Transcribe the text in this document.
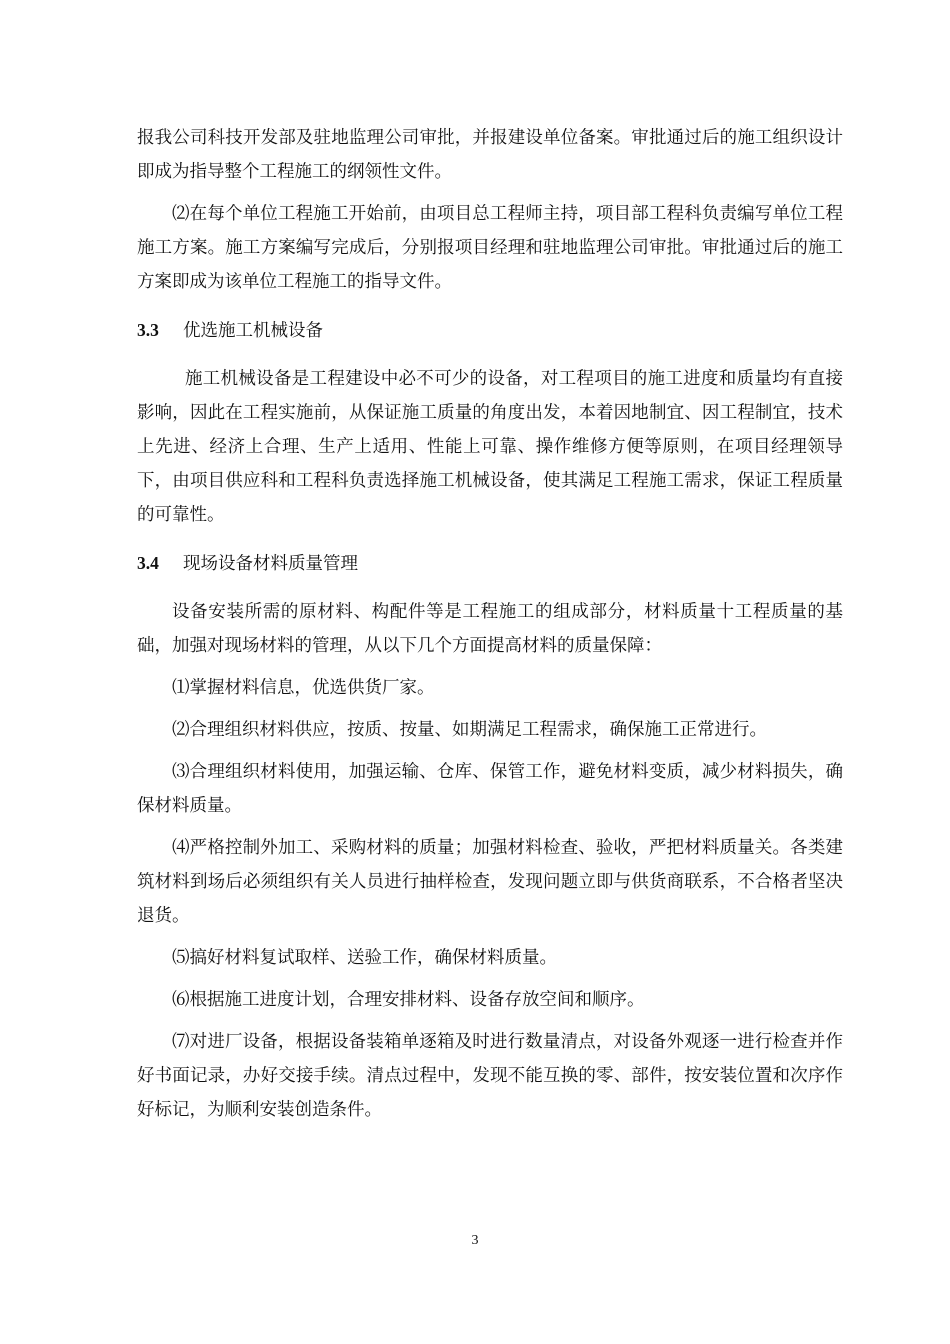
报我公司科技开发部及驻地监理公司审批，并报建设单位备案。审批通过后的施工组织设计即成为指导整个工程施工的纲领性文件。

⑵在每个单位工程施工开始前，由项目总工程师主持，项目部工程科负责编写单位工程施工方案。施工方案编写完成后，分别报项目经理和驻地监理公司审批。审批通过后的施工方案即成为该单位工程施工的指导文件。

3.3 优选施工机械设备

施工机械设备是工程建设中必不可少的设备，对工程项目的施工进度和质量均有直接影响，因此在工程实施前，从保证施工质量的角度出发，本着因地制宜、因工程制宜，技术上先进、经济上合理、生产上适用、性能上可靠、操作维修方便等原则，在项目经理领导下，由项目供应科和工程科负责选择施工机械设备，使其满足工程施工需求，保证工程质量的可靠性。

3.4 现场设备材料质量管理

设备安装所需的原材料、构配件等是工程施工的组成部分，材料质量十工程质量的基础，加强对现场材料的管理，从以下几个方面提高材料的质量保障：

⑴掌握材料信息，优选供货厂家。

⑵合理组织材料供应，按质、按量、如期满足工程需求，确保施工正常进行。

⑶合理组织材料使用，加强运输、仓库、保管工作，避免材料变质，减少材料损失，确保材料质量。

⑷严格控制外加工、采购材料的质量；加强材料检查、验收，严把材料质量关。各类建筑材料到场后必须组织有关人员进行抽样检查，发现问题立即与供货商联系，不合格者坚决退货。

⑸搞好材料复试取样、送验工作，确保材料质量。

⑹根据施工进度计划，合理安排材料、设备存放空间和顺序。

⑺对进厂设备，根据设备装箱单逐箱及时进行数量清点，对设备外观逐一进行检查并作好书面记录，办好交接手续。清点过程中，发现不能互换的零、部件，按安装位置和次序作好标记，为顺利安装创造条件。

3
